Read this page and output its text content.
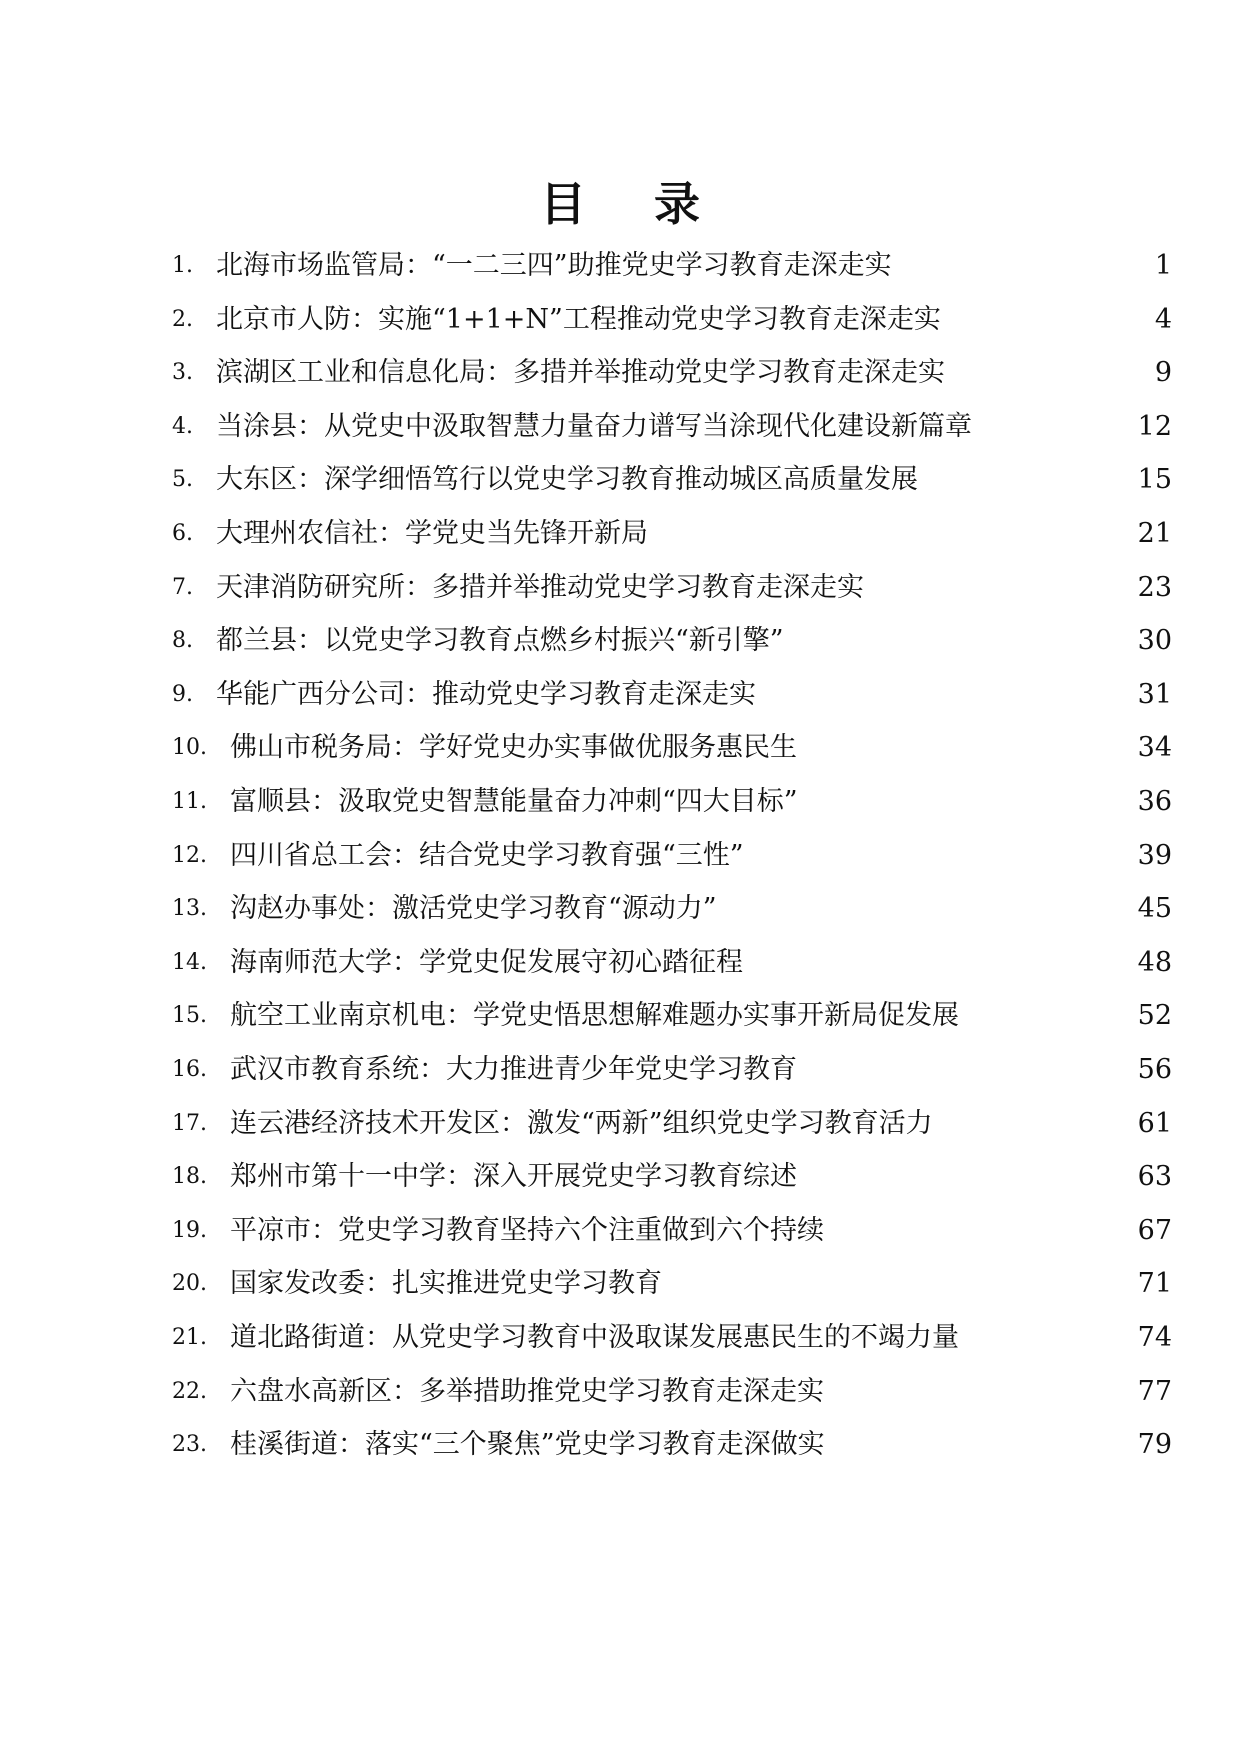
目 录
1. 北海市场监管局：“一二三四”助推党史学习教育走深走实	1
2. 北京市人防：实施“1+1+N”工程推动党史学习教育走深走实	4
3. 滨湖区工业和信息化局：多措并举推动党史学习教育走深走实	9
4. 当涂县：从党史中汲取智慧力量奋力谱写当涂现代化建设新篇章	12
5. 大东区：深学细悟笃行以党史学习教育推动城区高质量发展	15
6. 大理州农信社：学党史当先锋开新局	21
7. 天津消防研究所：多措并举推动党史学习教育走深走实	23
8. 都兰县：以党史学习教育点燃乡村振兴“新引擎”	30
9. 华能广西分公司：推动党史学习教育走深走实	31
10. 佛山市税务局：学好党史办实事做优服务惠民生	34
11. 富顺县：汲取党史智慧能量奋力冲刺“四大目标”	36
12. 四川省总工会：结合党史学习教育强“三性”	39
13. 沟赵办事处：激活党史学习教育“源动力”	45
14. 海南师范大学：学党史促发展守初心踏征程	48
15. 航空工业南京机电：学党史悟思想解难题办实事开新局促发展	52
16. 武汉市教育系统：大力推进青少年党史学习教育	56
17. 连云港经济技术开发区：激发“两新”组织党史学习教育活力	61
18. 郑州市第十一中学：深入开展党史学习教育综述	63
19. 平凉市：党史学习教育坚持六个注重做到六个持续	67
20. 国家发改委：扎实推进党史学习教育	71
21. 道北路街道：从党史学习教育中汲取谋发展惠民生的不竭力量	74
22. 六盘水高新区：多举措助推党史学习教育走深走实	77
23. 桂溪街道：落实“三个聚焦”党史学习教育走深做实	79
